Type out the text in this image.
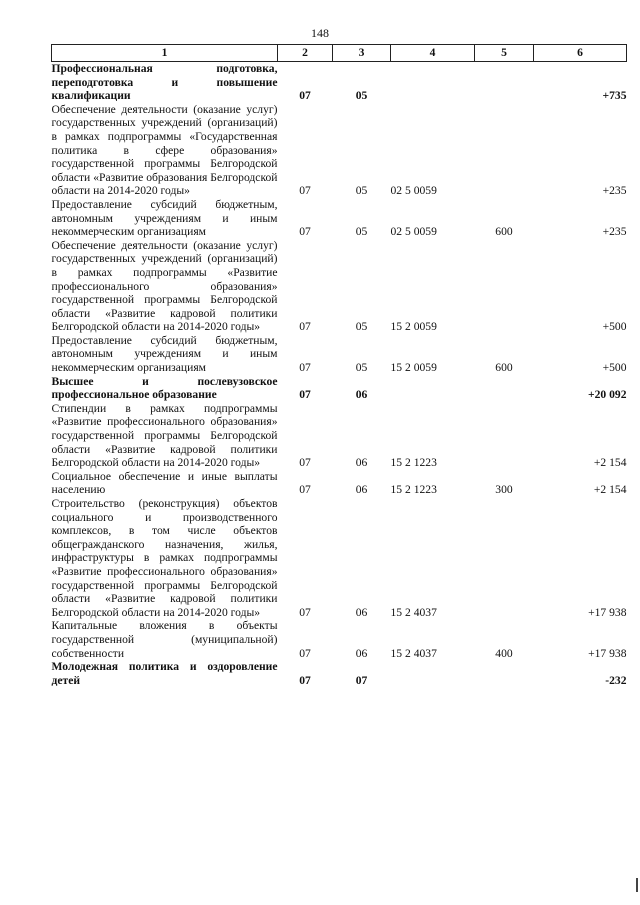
148
1	2	3	4	5	6
Профессиональная подготовка, переподготовка и повышение квалификации	07	05			+735
Обеспечение деятельности (оказание услуг) государственных учреждений (организаций) в рамках подпрограммы «Государственная политика в сфере образования» государственной программы Белгородской области «Развитие образования Белгородской области на 2014-2020 годы»	07	05	02 5 0059		+235
Предоставление субсидий бюджетным, автономным учреждениям и иным некоммерческим организациям	07	05	02 5 0059	600	+235
Обеспечение деятельности (оказание услуг) государственных учреждений (организаций) в рамках подпрограммы «Развитие профессионального образования» государственной программы Белгородской области «Развитие кадровой политики Белгородской области на 2014-2020 годы»	07	05	15 2 0059		+500
Предоставление субсидий бюджетным, автономным учреждениям и иным некоммерческим организациям	07	05	15 2 0059	600	+500
Высшее и послевузовское профессиональное образование	07	06			+20 092
Стипендии в рамках подпрограммы «Развитие профессионального образования» государственной программы Белгородской области «Развитие кадровой политики Белгородской области на 2014-2020 годы»	07	06	15 2 1223		+2 154
Социальное обеспечение и иные выплаты населению	07	06	15 2 1223	300	+2 154
Строительство (реконструкция) объектов социального и производственного комплексов, в том числе объектов общегражданского назначения, жилья, инфраструктуры в рамках подпрограммы «Развитие профессионального образования» государственной программы Белгородской области «Развитие кадровой политики Белгородской области на 2014-2020 годы»	07	06	15 2 4037		+17 938
Капитальные вложения в объекты государственной (муниципальной) собственности	07	06	15 2 4037	400	+17 938
Молодежная политика и оздоровление детей	07	07			-232
